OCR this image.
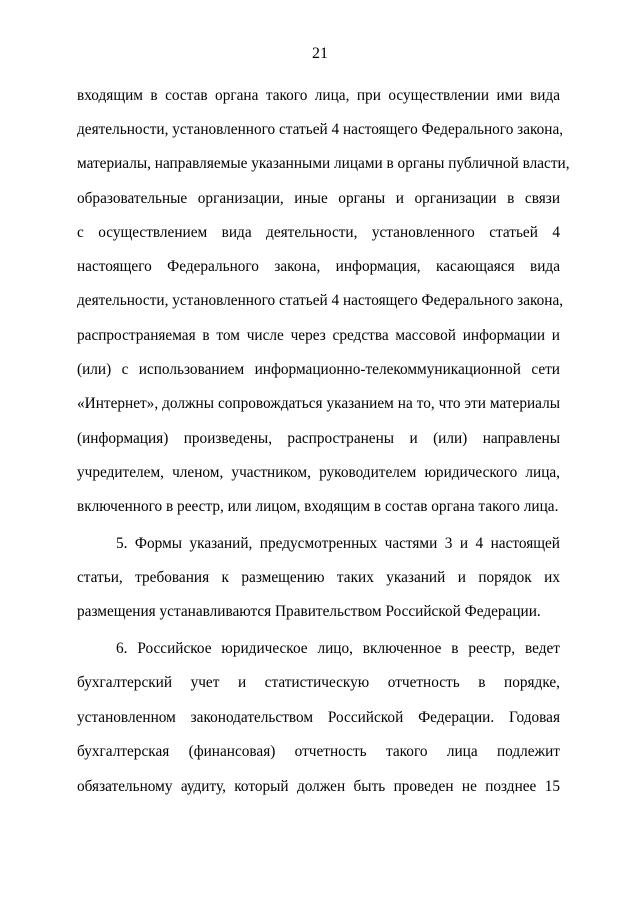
21
входящим в состав органа такого лица, при осуществлении ими вида
деятельности, установленного статьей 4 настоящего Федерального закона,
материалы, направляемые указанными лицами в органы публичной власти,
образовательные организации, иные органы и организации в связи
с осуществлением вида деятельности, установленного статьей 4
настоящего Федерального закона, информация, касающаяся вида
деятельности, установленного статьей 4 настоящего Федерального закона,
распространяемая в том числе через средства массовой информации и
(или) с использованием информационно-телекоммуникационной сети
«Интернет», должны сопровождаться указанием на то, что эти материалы
(информация) произведены, распространены и (или) направлены
учредителем, членом, участником, руководителем юридического лица,
включенного в реестр, или лицом, входящим в состав органа такого лица.
5. Формы указаний, предусмотренных частями 3 и 4 настоящей
статьи, требования к размещению таких указаний и порядок их
размещения устанавливаются Правительством Российской Федерации.
6. Российское юридическое лицо, включенное в реестр, ведет
бухгалтерский учет и статистическую отчетность в порядке,
установленном законодательством Российской Федерации. Годовая
бухгалтерская (финансовая) отчетность такого лица подлежит
обязательному аудиту, который должен быть проведен не позднее 15
